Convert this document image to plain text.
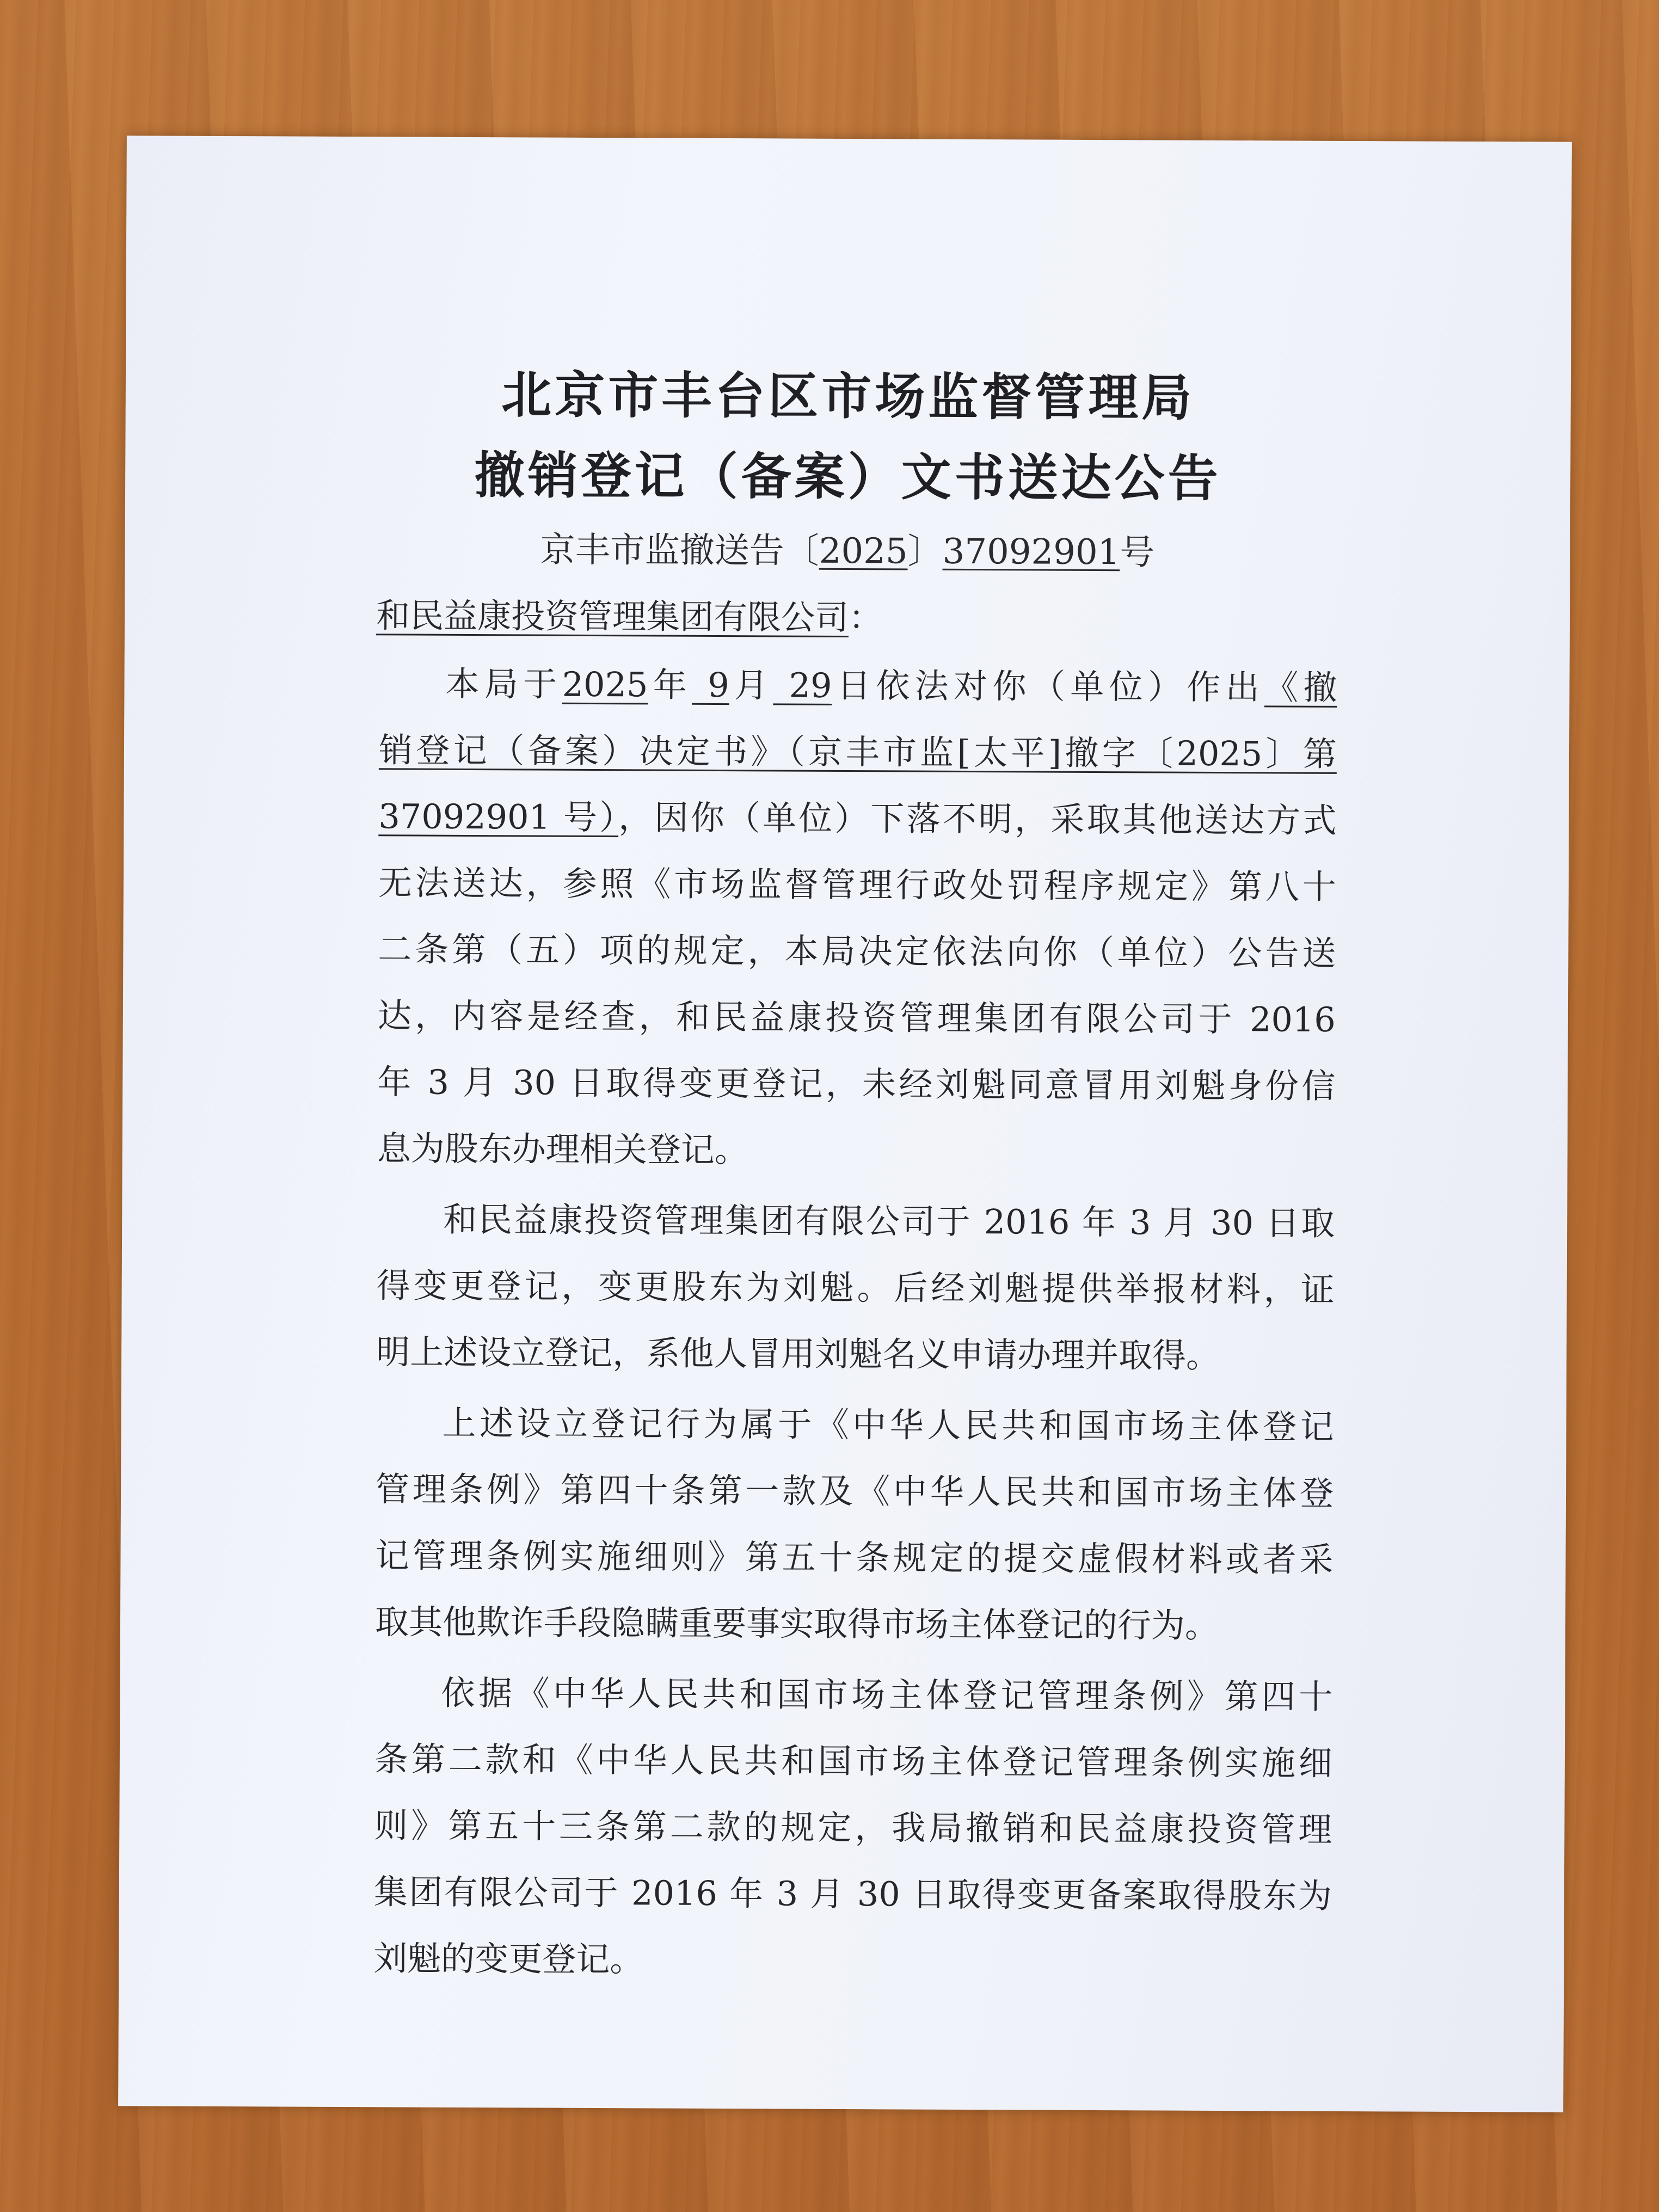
北京市丰台区市场监督管理局
撤销登记（备案）文书送达公告
京丰市监撤送告〔2025〕37092901号
和民益康投资管理集团有限公司：
本局于2025年 9月 29日依法对你（单位）作出《撤
销登记（备案）决定书》（京丰市监[太平]撤字〔2025〕第
37092901 号），因你（单位）下落不明，采取其他送达方式
无法送达，参照《市场监督管理行政处罚程序规定》第八十
二条第（五）项的规定，本局决定依法向你（单位）公告送
达，内容是经查，和民益康投资管理集团有限公司于 2016
年 3 月 30 日取得变更登记，未经刘魁同意冒用刘魁身份信
息为股东办理相关登记。
和民益康投资管理集团有限公司于 2016 年 3 月 30 日取
得变更登记，变更股东为刘魁。后经刘魁提供举报材料，证
明上述设立登记，系他人冒用刘魁名义申请办理并取得。
上述设立登记行为属于《中华人民共和国市场主体登记
管理条例》第四十条第一款及《中华人民共和国市场主体登
记管理条例实施细则》第五十条规定的提交虚假材料或者采
取其他欺诈手段隐瞒重要事实取得市场主体登记的行为。
依据《中华人民共和国市场主体登记管理条例》第四十
条第二款和《中华人民共和国市场主体登记管理条例实施细
则》第五十三条第二款的规定，我局撤销和民益康投资管理
集团有限公司于 2016 年 3 月 30 日取得变更备案取得股东为
刘魁的变更登记。
